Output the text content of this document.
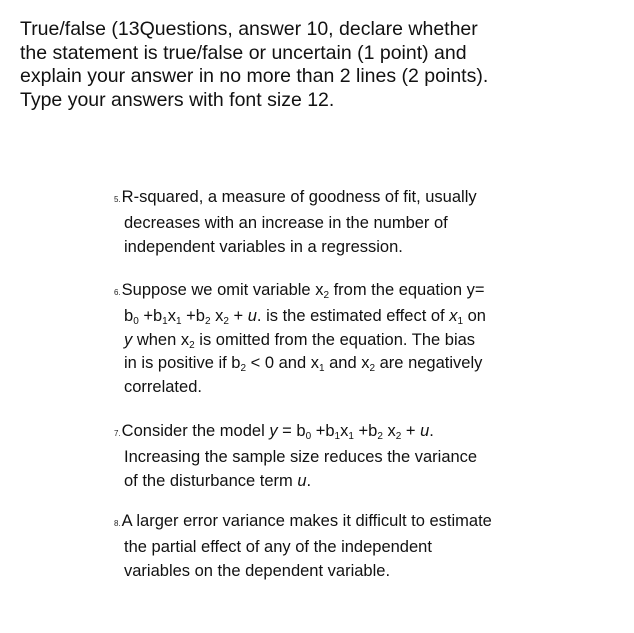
True/false (13Questions, answer 10, declare whether
the statement is true/false or uncertain (1 point) and
explain your answer in no more than 2 lines (2 points).
Type your answers with font size 12.
5.R-squared, a measure of goodness of fit, usually
decreases with an increase in the number of
independent variables in a regression.
6.Suppose we omit variable $x_2$ from the equation y=
$b_0 +b_1x_1 +b_2$ $x_2 + u$. is the estimated effect of $x_1$ on
y when $x_2$ is omitted from the equation. The bias
in is positive if $b_2 < 0$ and $x_1$ and $x_2$ are negatively
correlated.
7.Consider the model $y = b_0 +b_1x_1 +b_2$ $x_2 + u$.
Increasing the sample size reduces the variance
of the disturbance term u.
8.A larger error variance makes it difficult to estimate
the partial effect of any of the independent
variables on the dependent variable.
